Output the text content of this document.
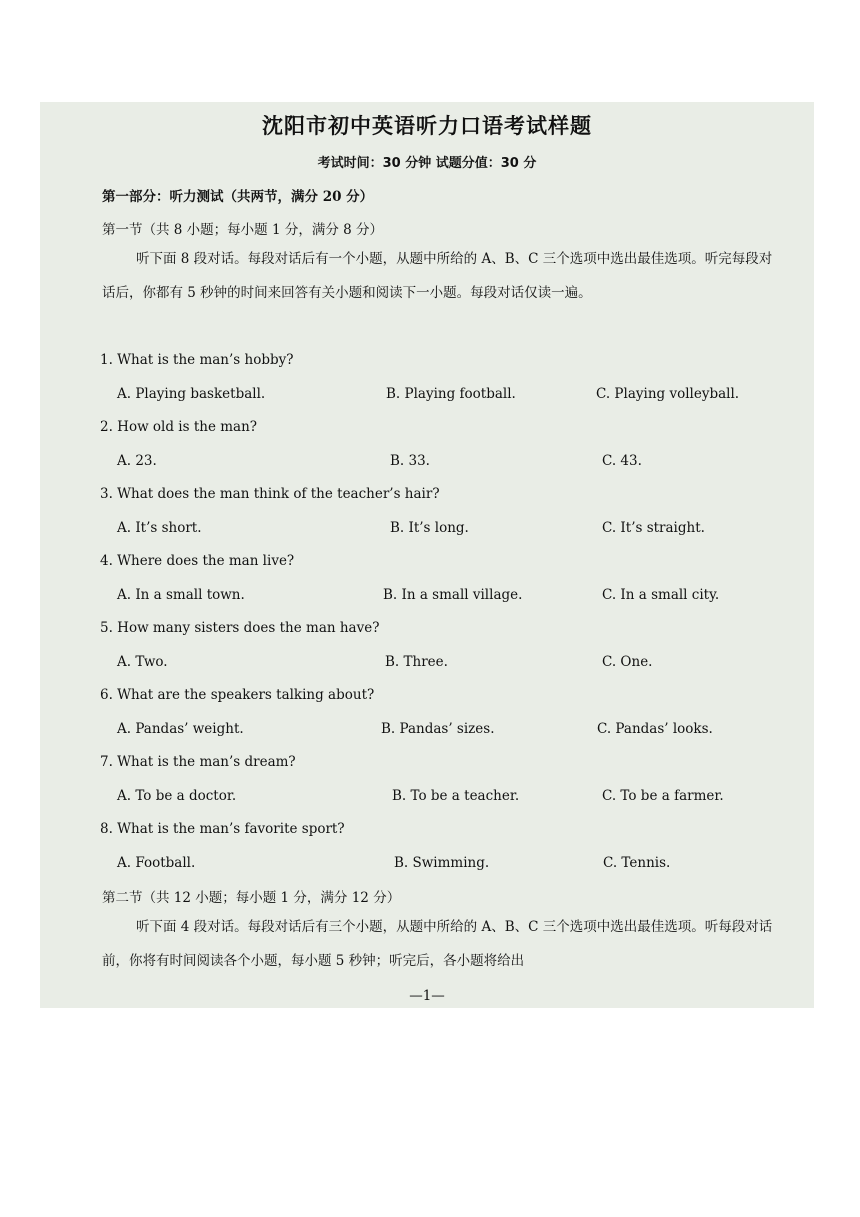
沈阳市初中英语听力口语考试样题
考试时间：30 分钟 试题分值：30 分
第一部分：听力测试（共两节，满分 20 分）
第一节（共 8 小题；每小题 1 分，满分 8 分）
听下面 8 段对话。每段对话后有一个小题，从题中所给的 A、B、C 三个选项中选出最佳选项。听完每段对话后，你都有 5 秒钟的时间来回答有关小题和阅读下一小题。每段对话仅读一遍。
1. What is the man’s hobby?
A. Playing basketball.	B. Playing football.	C. Playing volleyball.
2. How old is the man?
A. 23.	B. 33.	C. 43.
3. What does the man think of the teacher’s hair?
A. It’s short.	B. It’s long.	C. It’s straight.
4. Where does the man live?
A. In a small town.	B. In a small village.	C. In a small city.
5. How many sisters does the man have?
A. Two.	B. Three.	C. One.
6. What are the speakers talking about?
A. Pandas’ weight.	B. Pandas’ sizes.	C. Pandas’ looks.
7. What is the man’s dream?
A. To be a doctor.	B. To be a teacher.	C. To be a farmer.
8. What is the man’s favorite sport?
A. Football.	B. Swimming.	C. Tennis.
第二节（共 12 小题；每小题 1 分，满分 12 分）
听下面 4 段对话。每段对话后有三个小题，从题中所给的 A、B、C 三个选项中选出最佳选项。听每段对话前，你将有时间阅读各个小题，每小题 5 秒钟；听完后，各小题将给出
—1—
